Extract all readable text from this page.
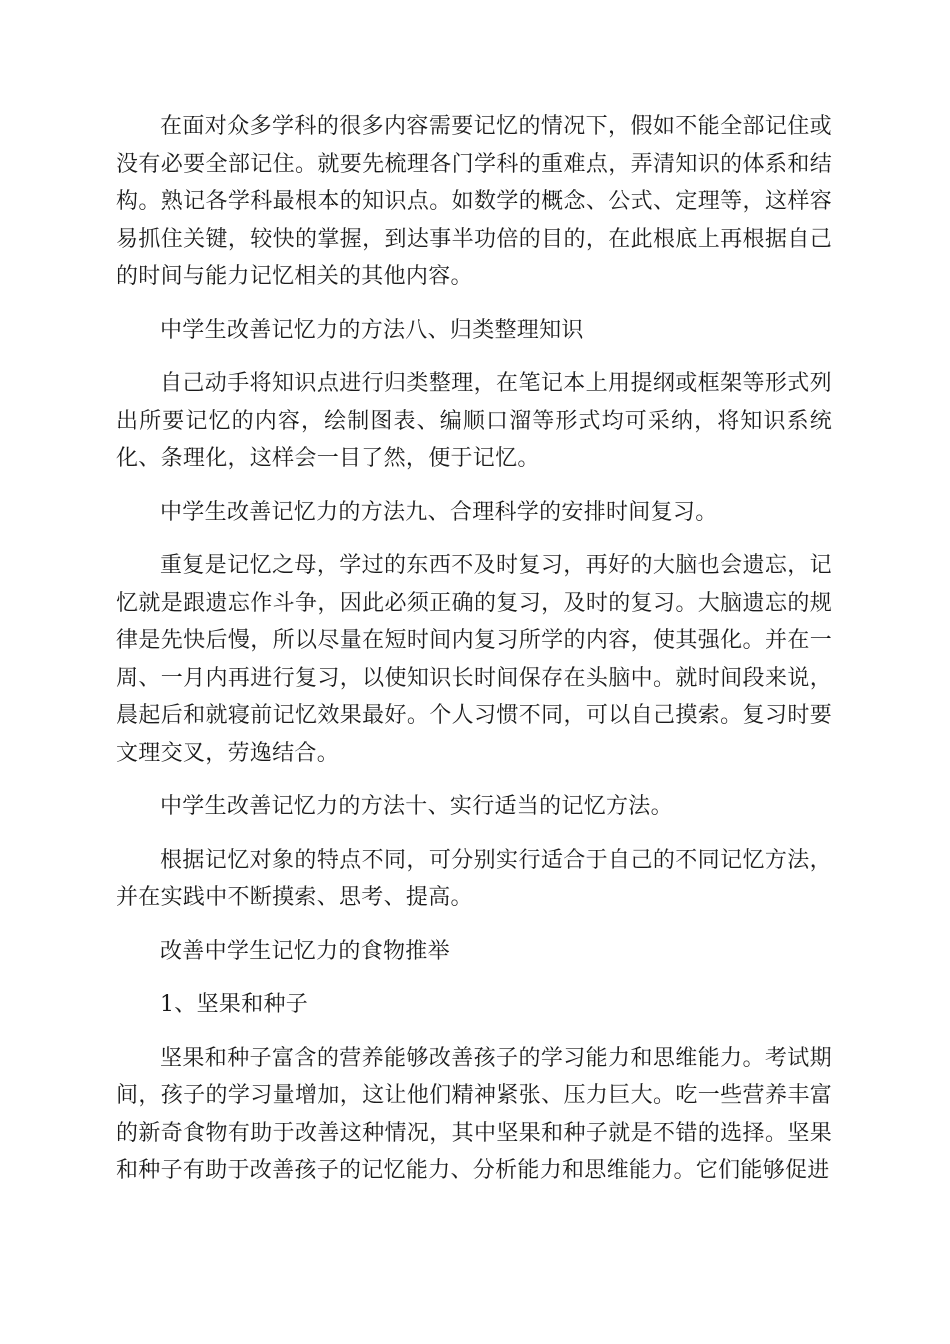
在面对众多学科的很多内容需要记忆的情况下，假如不能全部记住或没有必要全部记住。就要先梳理各门学科的重难点，弄清知识的体系和结构。熟记各学科最根本的知识点。如数学的概念、公式、定理等，这样容易抓住关键，较快的掌握，到达事半功倍的目的，在此根底上再根据自己的时间与能力记忆相关的其他内容。

中学生改善记忆力的方法八、归类整理知识

自己动手将知识点进行归类整理，在笔记本上用提纲或框架等形式列出所要记忆的内容，绘制图表、编顺口溜等形式均可采纳，将知识系统化、条理化，这样会一目了然，便于记忆。

中学生改善记忆力的方法九、合理科学的安排时间复习。

重复是记忆之母，学过的东西不及时复习，再好的大脑也会遗忘，记忆就是跟遗忘作斗争，因此必须正确的复习，及时的复习。大脑遗忘的规律是先快后慢，所以尽量在短时间内复习所学的内容，使其强化。并在一周、一月内再进行复习，以使知识长时间保存在头脑中。就时间段来说，晨起后和就寝前记忆效果最好。个人习惯不同，可以自己摸索。复习时要文理交叉，劳逸结合。

中学生改善记忆力的方法十、实行适当的记忆方法。

根据记忆对象的特点不同，可分别实行适合于自己的不同记忆方法，并在实践中不断摸索、思考、提高。

改善中学生记忆力的食物推举

1、坚果和种子

坚果和种子富含的营养能够改善孩子的学习能力和思维能力。考试期间，孩子的学习量增加，这让他们精神紧张、压力巨大。吃一些营养丰富的新奇食物有助于改善这种情况，其中坚果和种子就是不错的选择。坚果和种子有助于改善孩子的记忆能力、分析能力和思维能力。它们能够促进
